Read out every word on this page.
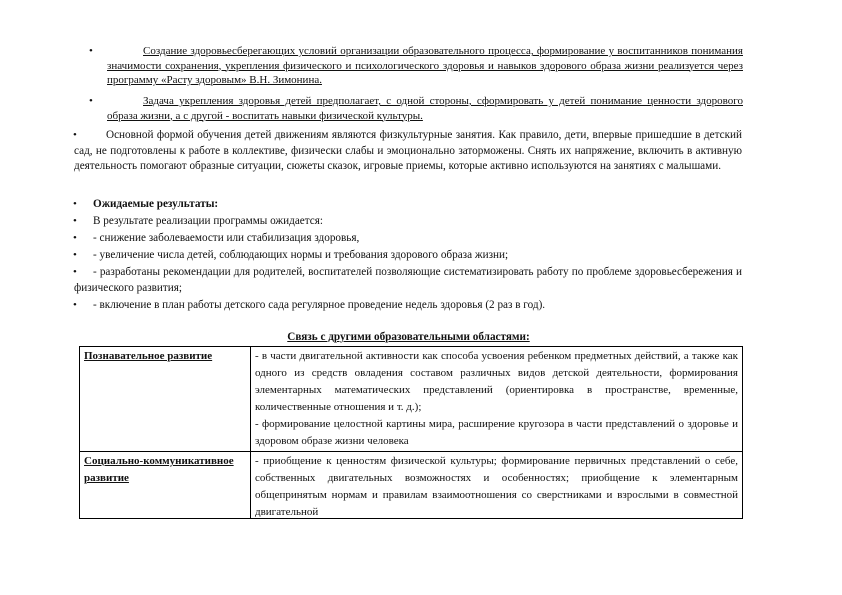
•	Создание здоровьесберегающих условий организации образовательного процесса, формирование у воспитанников понимания значимости сохранения, укрепления физического и психологического здоровья и навыков здорового образа жизни реализуется через программу «Расту здоровым» В.Н. Зимонина.
•	Задача укрепления здоровья детей предполагает, с одной стороны, сформировать у детей понимание ценности здорового образа жизни, а с другой - воспитать навыки физической культуры.
•	Основной формой обучения детей движениям являются физкультурные занятия. Как правило, дети, впервые пришедшие в детский сад, не подготовлены к работе в коллективе, физически слабы и эмоционально заторможены. Снять их напряжение, включить в активную деятельность помогают образные ситуации, сюжеты сказок, игровые приемы, которые активно используются на занятиях с малышами.
• Ожидаемые результаты:
• В результате реализации программы ожидается:
• - снижение заболеваемости или стабилизация здоровья,
• - увеличение числа детей, соблюдающих нормы и требования здорового образа жизни;
•	- разработаны рекомендации для родителей, воспитателей позволяющие систематизировать работу по проблеме здоровьесбережения и физического развития;
• - включение в план работы детского сада регулярное проведение недель здоровья (2 раз в год).
Связь с другими образовательными областями:
Познавательное развитие	- в части двигательной активности как способа усвоения ребенком предметных действий, а также как одного из средств овладения составом различных видов детской деятельности, формирования элементарных математических представлений (ориентировка в пространстве, временные, количественные отношения и т. д.);
- формирование целостной картины мира, расширение кругозора в части представлений о здоровье и здоровом образе жизни человека

Социально-коммуникативное развитие	- приобщение к ценностям физической культуры; формирование первичных представлений о себе, собственных двигательных возможностях и особенностях; приобщение к элементарным общепринятым нормам и правилам взаимоотношения со сверстниками и взрослыми в совместной двигательной
